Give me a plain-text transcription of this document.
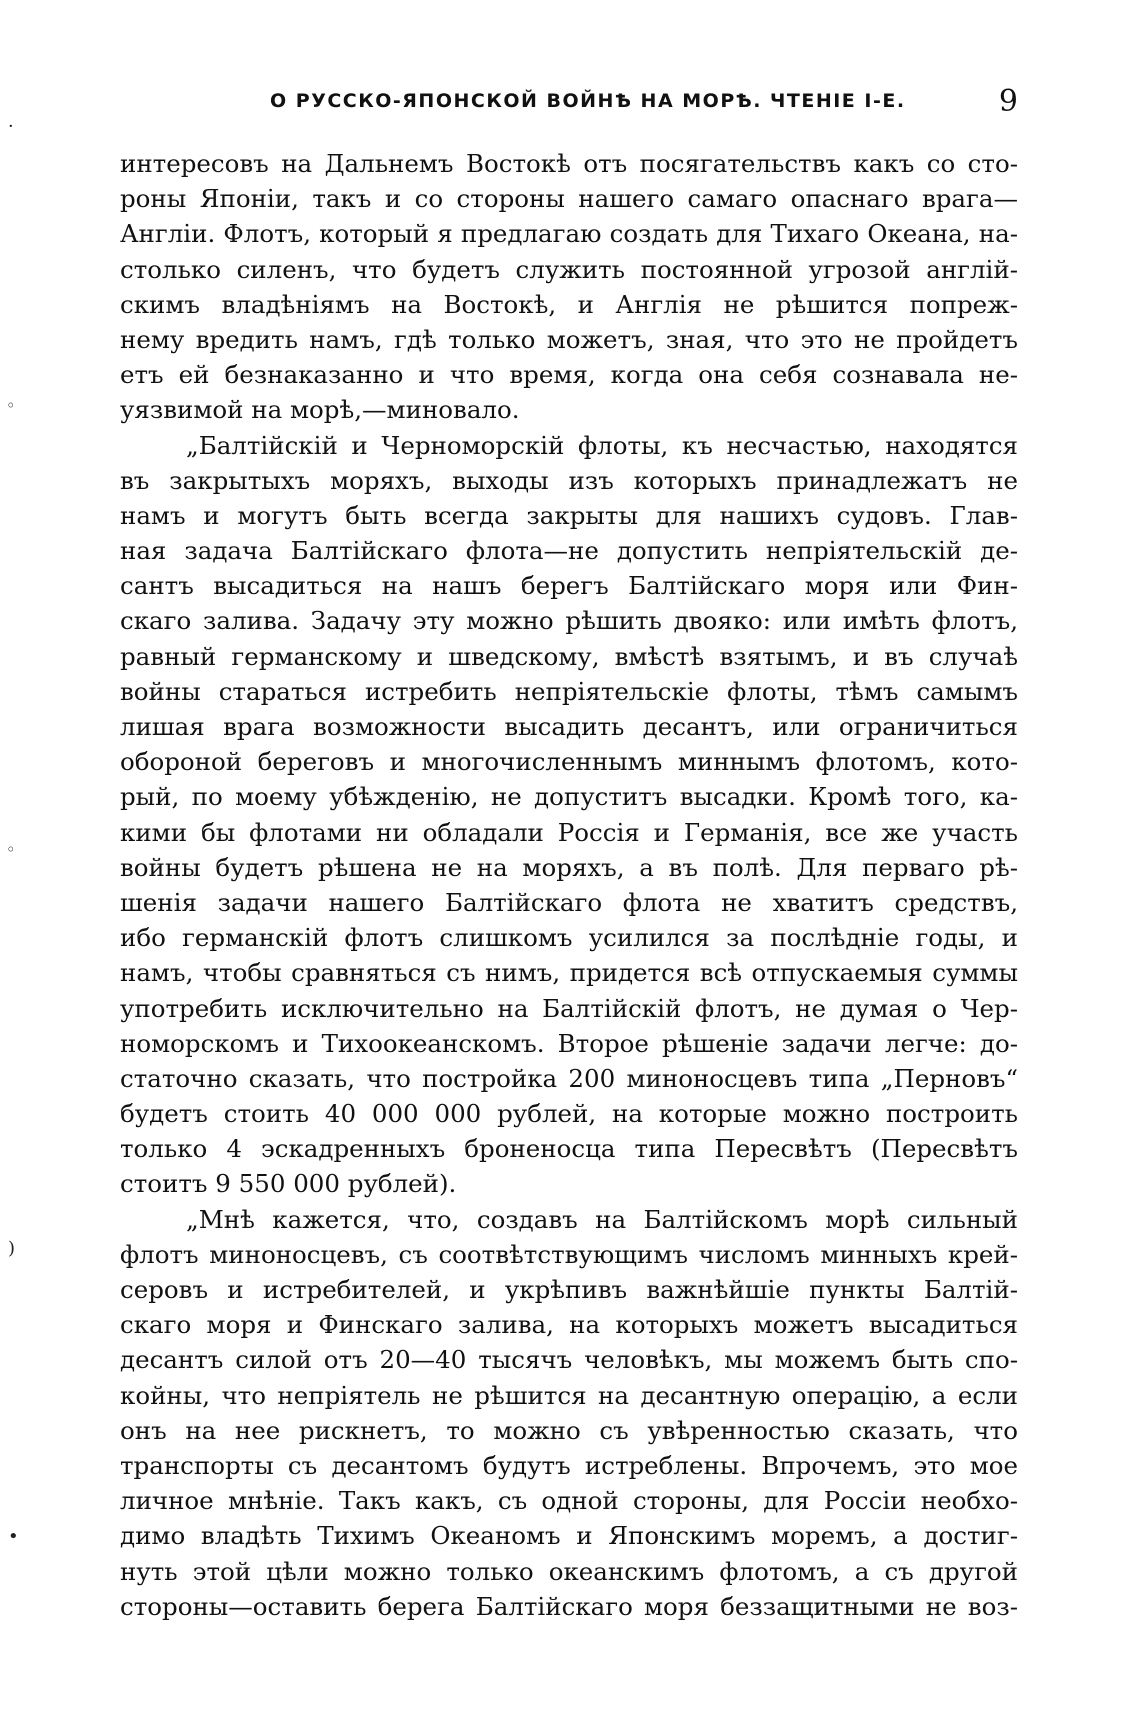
О РУССКО-ЯПОНСКОЙ ВОЙНѢ НА МОРѢ. ЧТЕНІЕ I-Е.	9
·
◦
◦
)
•
интересовъ на Дальнемъ Востокѣ отъ посягательствъ какъ со сто-
роны Японіи, такъ и со стороны нашего самаго опаснаго врага—
Англіи. Флотъ, который я предлагаю создать для Тихаго Океана, на-
столько силенъ, что будетъ служить постоянной угрозой англій-
скимъ владѣніямъ на Востокѣ, и Англія не рѣшится попреж-
нему вредить намъ, гдѣ только можетъ, зная, что это не пройдетъ
етъ ей безнаказанно и что время, когда она себя сознавала не-
уязвимой на морѣ,—миновало.
„Балтійскій и Черноморскій флоты, къ несчастью, находятся
въ закрытыхъ моряхъ, выходы изъ которыхъ принадлежатъ не
намъ и могутъ быть всегда закрыты для нашихъ судовъ. Глав-
ная задача Балтійскаго флота—не допустить непріятельскій де-
сантъ высадиться на нашъ берегъ Балтійскаго моря или Фин-
скаго залива. Задачу эту можно рѣшить двояко: или имѣть флотъ,
равный германскому и шведскому, вмѣстѣ взятымъ, и въ случаѣ
войны стараться истребить непріятельскіе флоты, тѣмъ самымъ
лишая врага возможности высадить десантъ, или ограничиться
обороной береговъ и многочисленнымъ миннымъ флотомъ, кото-
рый, по моему убѣжденію, не допуститъ высадки. Кромѣ того, ка-
кими бы флотами ни обладали Россія и Германія, все же участь
войны будетъ рѣшена не на моряхъ, а въ полѣ. Для перваго рѣ-
шенія задачи нашего Балтійскаго флота не хватитъ средствъ,
ибо германскій флотъ слишкомъ усилился за послѣдніе годы, и
намъ, чтобы сравняться съ нимъ, придется всѣ отпускаемыя суммы
употребить исключительно на Балтійскій флотъ, не думая о Чер-
номорскомъ и Тихоокеанскомъ. Второе рѣшеніе задачи легче: до-
статочно сказать, что постройка 200 миноносцевъ типа „Перновъ“
будетъ стоить 40 000 000 рублей, на которые можно построить
только 4 эскадренныхъ броненосца типа Пересвѣтъ (Пересвѣтъ
стоитъ 9 550 000 рублей).
„Мнѣ кажется, что, создавъ на Балтійскомъ морѣ сильный
флотъ миноносцевъ, съ соотвѣтствующимъ числомъ минныхъ крей-
серовъ и истребителей, и укрѣпивъ важнѣйшіе пункты Балтій-
скаго моря и Финскаго залива, на которыхъ можетъ высадиться
десантъ силой отъ 20—40 тысячъ человѣкъ, мы можемъ быть спо-
койны, что непріятель не рѣшится на десантную операцію, а если
онъ на нее рискнетъ, то можно съ увѣренностью сказать, что
транспорты съ десантомъ будутъ истреблены. Впрочемъ, это мое
личное мнѣніе. Такъ какъ, съ одной стороны, для Россіи необхо-
димо владѣть Тихимъ Океаномъ и Японскимъ моремъ, а достиг-
нуть этой цѣли можно только океанскимъ флотомъ, а съ другой
стороны—оставить берега Балтійскаго моря беззащитными не воз-
